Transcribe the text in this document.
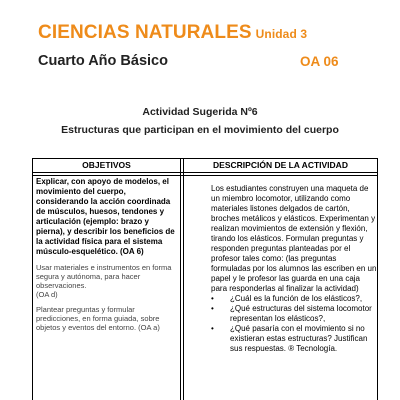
CIENCIAS NATURALES Unidad 3
Cuarto Año Básico	OA 06
Actividad Sugerida Nº6
Estructuras que participan en el movimiento del cuerpo
OBJETIVOS	DESCRIPCIÓN DE LA ACTIVIDAD

Explicar, con apoyo de modelos, el movimiento del cuerpo, considerando la acción coordinada de músculos, huesos, tendones y articulación (ejemplo: brazo y pierna), y describir los beneficios de la actividad física para el sistema músculo-esquelético. (OA 6)

Usar materiales e instrumentos en forma segura y autónoma, para hacer observaciones.
(OA d)

Plantear preguntas y formular predicciones, en forma guiada, sobre objetos y eventos del entorno. (OA a)

Los estudiantes construyen una maqueta de un miembro locomotor, utilizando como materiales listones delgados de cartón, broches metálicos y elásticos. Experimentan y realizan movimientos de extensión y flexión, tirando los elásticos. Formulan preguntas y responden preguntas planteadas por el profesor tales como: (las preguntas formuladas por los alumnos las escriben en un papel y le profesor las guarda en una caja para responderlas al finalizar la actividad)

• ¿Cuál es la función de los elásticos?,
• ¿Qué estructuras del sistema locomotor representan los elásticos?,
• ¿Qué pasaría con el movimiento si no existieran estas estructuras? Justifican sus respuestas. ® Tecnología.
